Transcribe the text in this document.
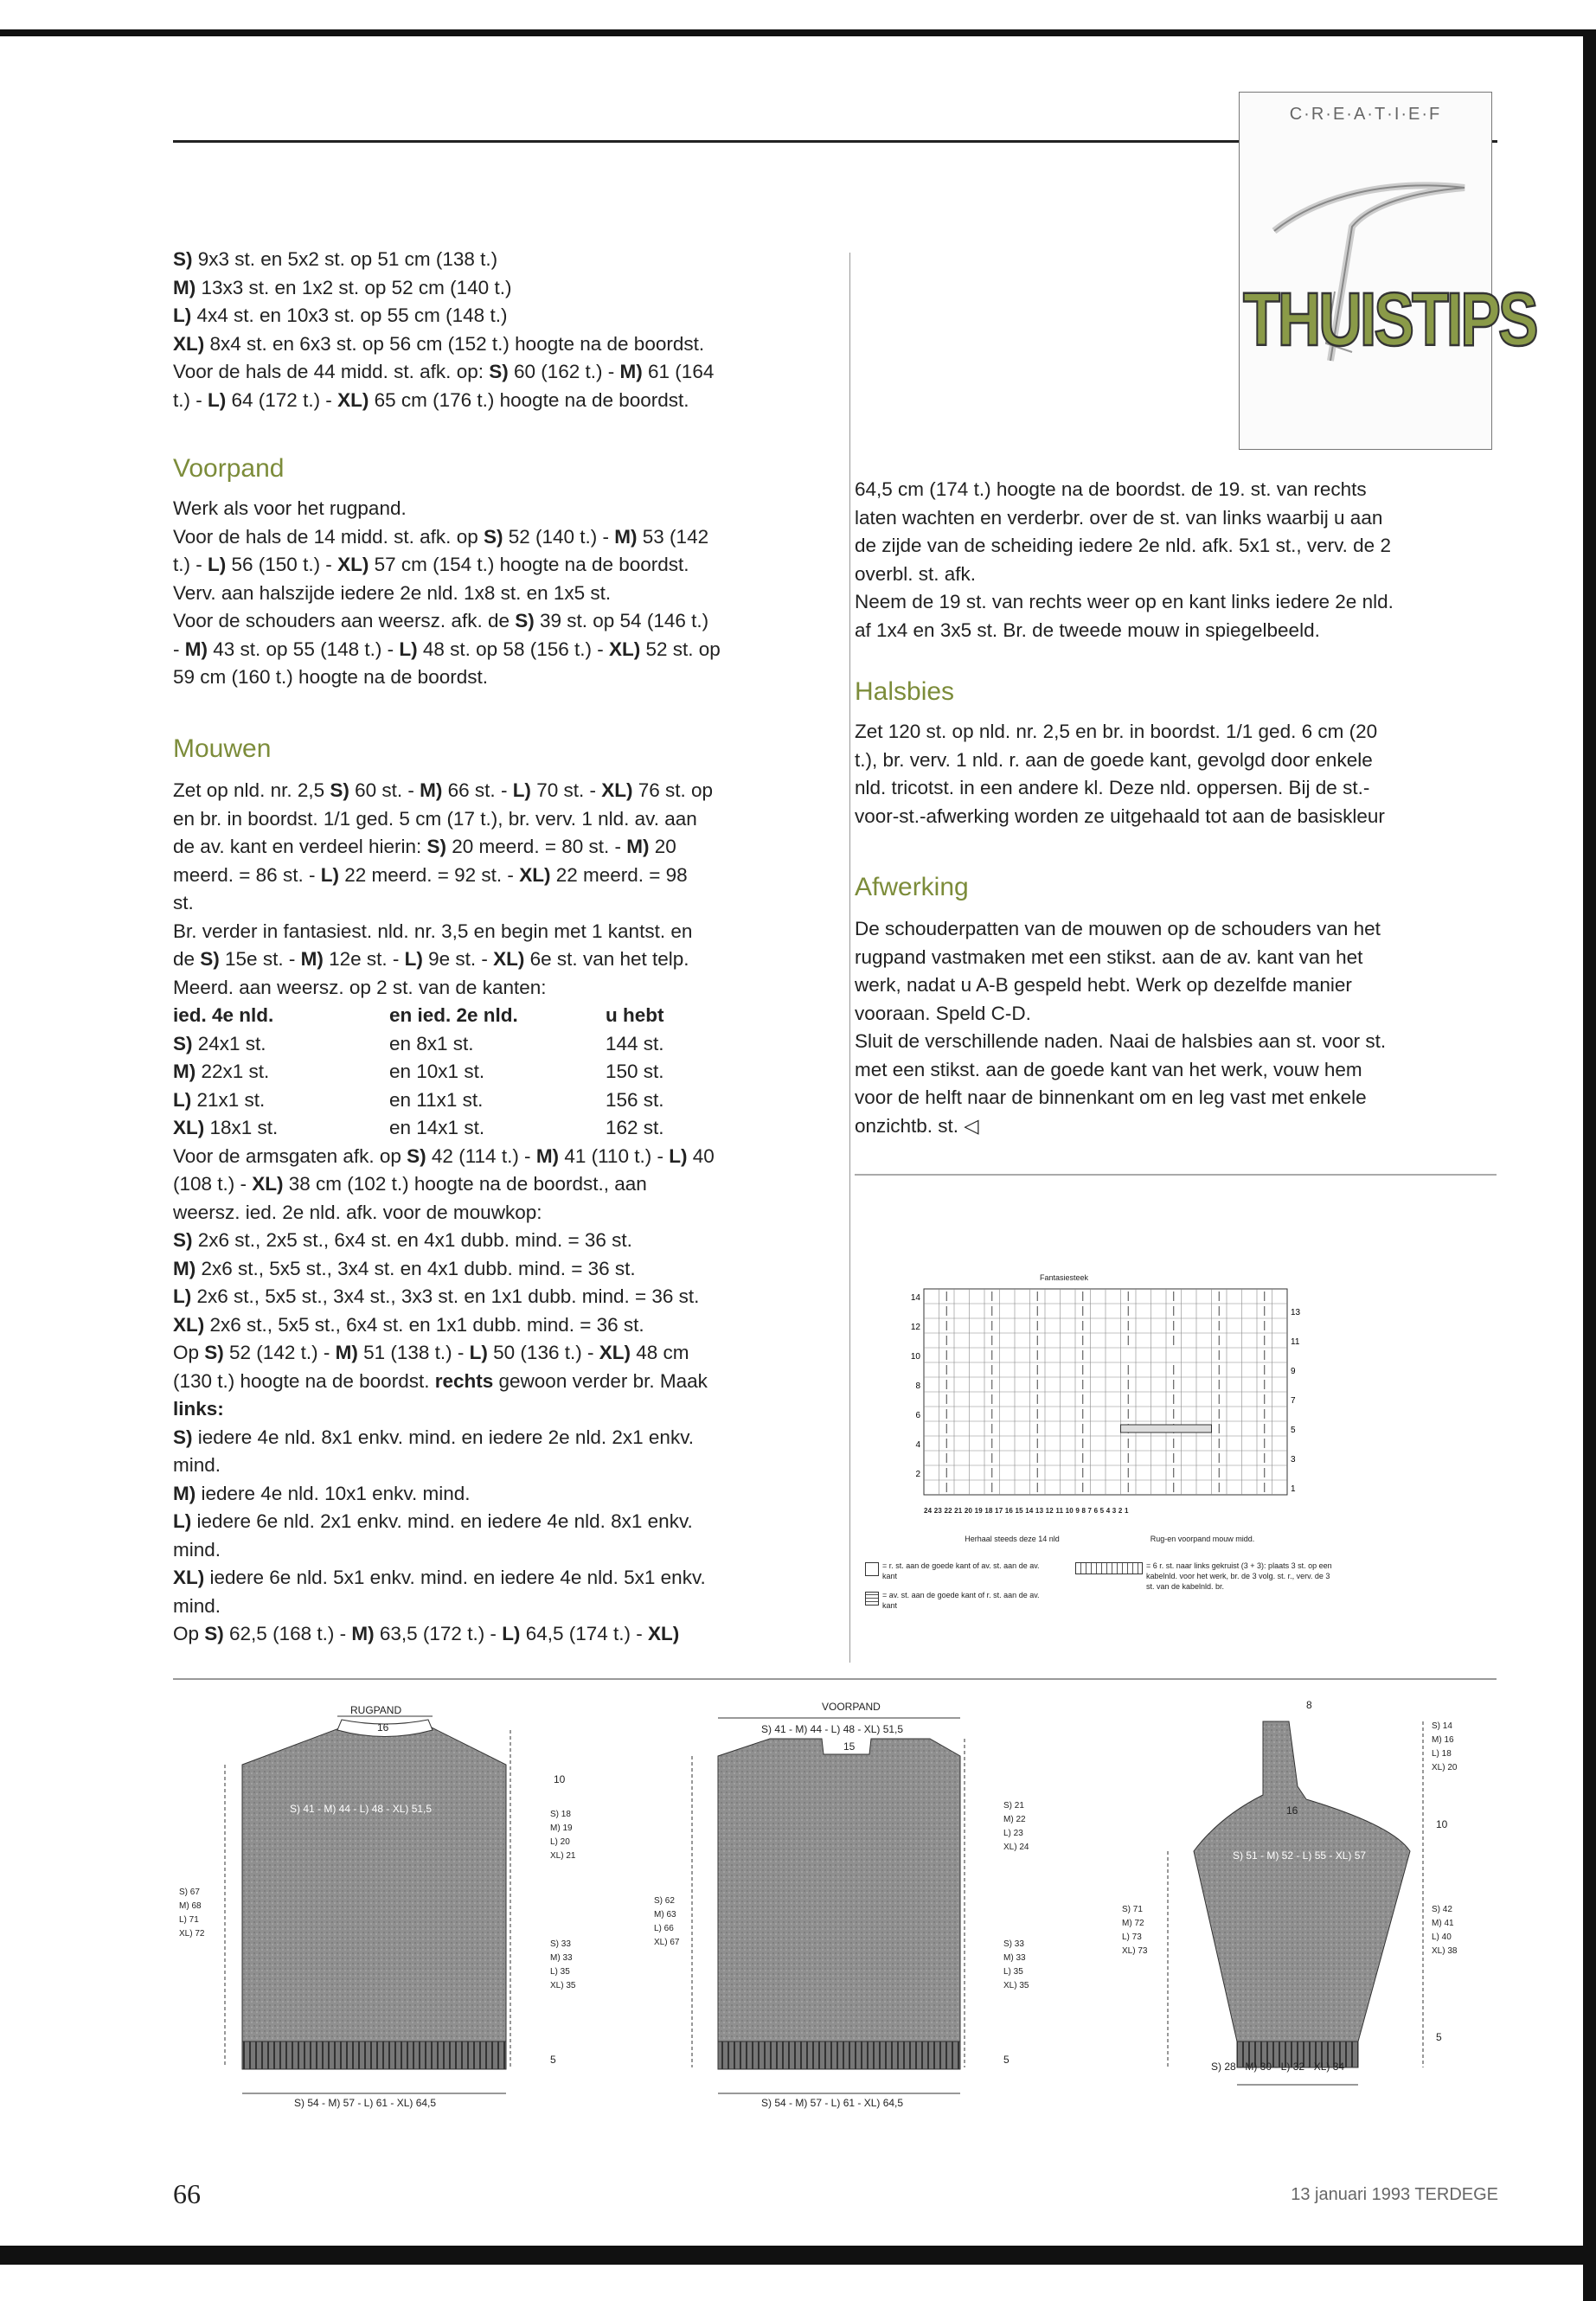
C·R·E·A·T·I·E·F
THUISTIPS

S) 9x3 st. en 5x2 st. op 51 cm (138 t.)

M) 13x3 st. en 1x2 st. op 52 cm (140 t.)

L) 4x4 st. en 10x3 st. op 55 cm (148 t.)

XL) 8x4 st. en 6x3 st. op 56 cm (152 t.) hoogte na de boordst.

Voor de hals de 44 midd. st. afk. op: S) 60 (162 t.) - M) 61 (164

t.) - L) 64 (172 t.) - XL) 65 cm (176 t.) hoogte na de boordst.

Voorpand

Werk als voor het rugpand.

Voor de hals de 14 midd. st. afk. op S) 52 (140 t.) - M) 53 (142

t.) - L) 56 (150 t.) - XL) 57 cm (154 t.) hoogte na de boordst.

Verv. aan halszijde iedere 2e nld. 1x8 st. en 1x5 st.

Voor de schouders aan weersz. afk. de S) 39 st. op 54 (146 t.)

- M) 43 st. op 55 (148 t.) - L) 48 st. op 58 (156 t.) - XL) 52 st. op

59 cm (160 t.) hoogte na de boordst.

Mouwen

Zet op nld. nr. 2,5 S) 60 st. - M) 66 st. - L) 70 st. - XL) 76 st. op

en br. in boordst. 1/1 ged. 5 cm (17 t.), br. verv. 1 nld. av. aan

de av. kant en verdeel hierin: S) 20 meerd. = 80 st. - M) 20

meerd. = 86 st. - L) 22 meerd. = 92 st. - XL) 22 meerd. = 98

st.

Br. verder in fantasiest. nld. nr. 3,5 en begin met 1 kantst. en

de S) 15e st. - M) 12e st. - L) 9e st. - XL) 6e st. van het telp.

Meerd. aan weersz. op 2 st. van de kanten:

ied. 4e nld.	en ied. 2e nld.	u hebt
S) 24x1 st.	en 8x1 st.	144 st.
M) 22x1 st.	en 10x1 st.	150 st.
L) 21x1 st.	en 11x1 st.	156 st.
XL) 18x1 st.	en 14x1 st.	162 st.

Voor de armsgaten afk. op S) 42 (114 t.) - M) 41 (110 t.) - L) 40

(108 t.) - XL) 38 cm (102 t.) hoogte na de boordst., aan

weersz. ied. 2e nld. afk. voor de mouwkop:

S) 2x6 st., 2x5 st., 6x4 st. en 4x1 dubb. mind. = 36 st.

M) 2x6 st., 5x5 st., 3x4 st. en 4x1 dubb. mind. = 36 st.

L) 2x6 st., 5x5 st., 3x4 st., 3x3 st. en 1x1 dubb. mind. = 36 st.

XL) 2x6 st., 5x5 st., 6x4 st. en 1x1 dubb. mind. = 36 st.

Op S) 52 (142 t.) - M) 51 (138 t.) - L) 50 (136 t.) - XL) 48 cm

(130 t.) hoogte na de boordst. rechts gewoon verder br. Maak

links:

S) iedere 4e nld. 8x1 enkv. mind. en iedere 2e nld. 2x1 enkv.

mind.

M) iedere 4e nld. 10x1 enkv. mind.

L) iedere 6e nld. 2x1 enkv. mind. en iedere 4e nld. 8x1 enkv.

mind.

XL) iedere 6e nld. 5x1 enkv. mind. en iedere 4e nld. 5x1 enkv.

mind.

Op S) 62,5 (168 t.) - M) 63,5 (172 t.) - L) 64,5 (174 t.) - XL)

64,5 cm (174 t.) hoogte na de boordst. de 19. st. van rechts

laten wachten en verderbr. over de st. van links waarbij u aan

de zijde van de scheiding iedere 2e nld. afk. 5x1 st., verv. de 2

overbl. st. afk.

Neem de 19 st. van rechts weer op en kant links iedere 2e nld.

af 1x4 en 3x5 st. Br. de tweede mouw in spiegelbeeld.

Halsbies

Zet 120 st. op nld. nr. 2,5 en br. in boordst. 1/1 ged. 6 cm (20

t.), br. verv. 1 nld. r. aan de goede kant, gevolgd door enkele

nld. tricotst. in een andere kl. Deze nld. oppersen. Bij de st.-

voor-st.-afwerking worden ze uitgehaald tot aan de basiskleur

Afwerking

De schouderpatten van de mouwen op de schouders van het

rugpand vastmaken met een stikst. aan de av. kant van het

werk, nadat u A-B gespeld hebt. Werk op dezelfde manier

vooraan. Speld C-D.

Sluit de verschillende naden. Naai de halsbies aan st. voor st.

met een stikst. aan de goede kant van het werk, vouw hem

voor de helft naar de binnenkant om en leg vast met enkele

onzichtb. st. ◁

Fantasiesteek
14
12
10
8
6
4
2
13
11
9
7
5
3
1
24 23 22 21 20 19 18 17 16 15 14 13 12 11 10 9 8 7 6 5 4 3 2 1
Herhaal steeds deze 14 nld	Rug-en voorpand mouw midd.
= r. st. aan de goede kant of av. st. aan de av. kant
= av. st. aan de goede kant of r. st. aan de av. kant
= 6 r. st. naar links gekruist (3 + 3): plaats 3 st. op een kabelnld. voor het werk, br. de 3 volg. st. r., verv. de 3 st. van de kabelnld. br.
RUGPAND
16
S) 41 - M) 44 - L) 48 - XL) 51,5
10
S) 18
M) 19
L) 20
XL) 21
S) 33
M) 33
L) 35
XL) 35
S) 67
M) 68
L) 71
XL) 72
5
S) 54 - M) 57 - L) 61 - XL) 64,5
VOORPAND
S) 41 - M) 44 - L) 48 - XL) 51,5
15
S) 21
M) 22
L) 23
XL) 24
S) 33
M) 33
L) 35
XL) 35
S) 62
M) 63
L) 66
XL) 67
5
S) 54 - M) 57 - L) 61 - XL) 64,5
8
S) 14
M) 16
L) 18
XL) 20
10
16
S) 51 - M) 52 - L) 55 - XL) 57
S) 71
M) 72
L) 73
XL) 73
S) 42
M) 41
L) 40
XL) 38
5
S) 28 - M) 30 - L) 32 - XL) 34
66	13 januari 1993 TERDEGE
